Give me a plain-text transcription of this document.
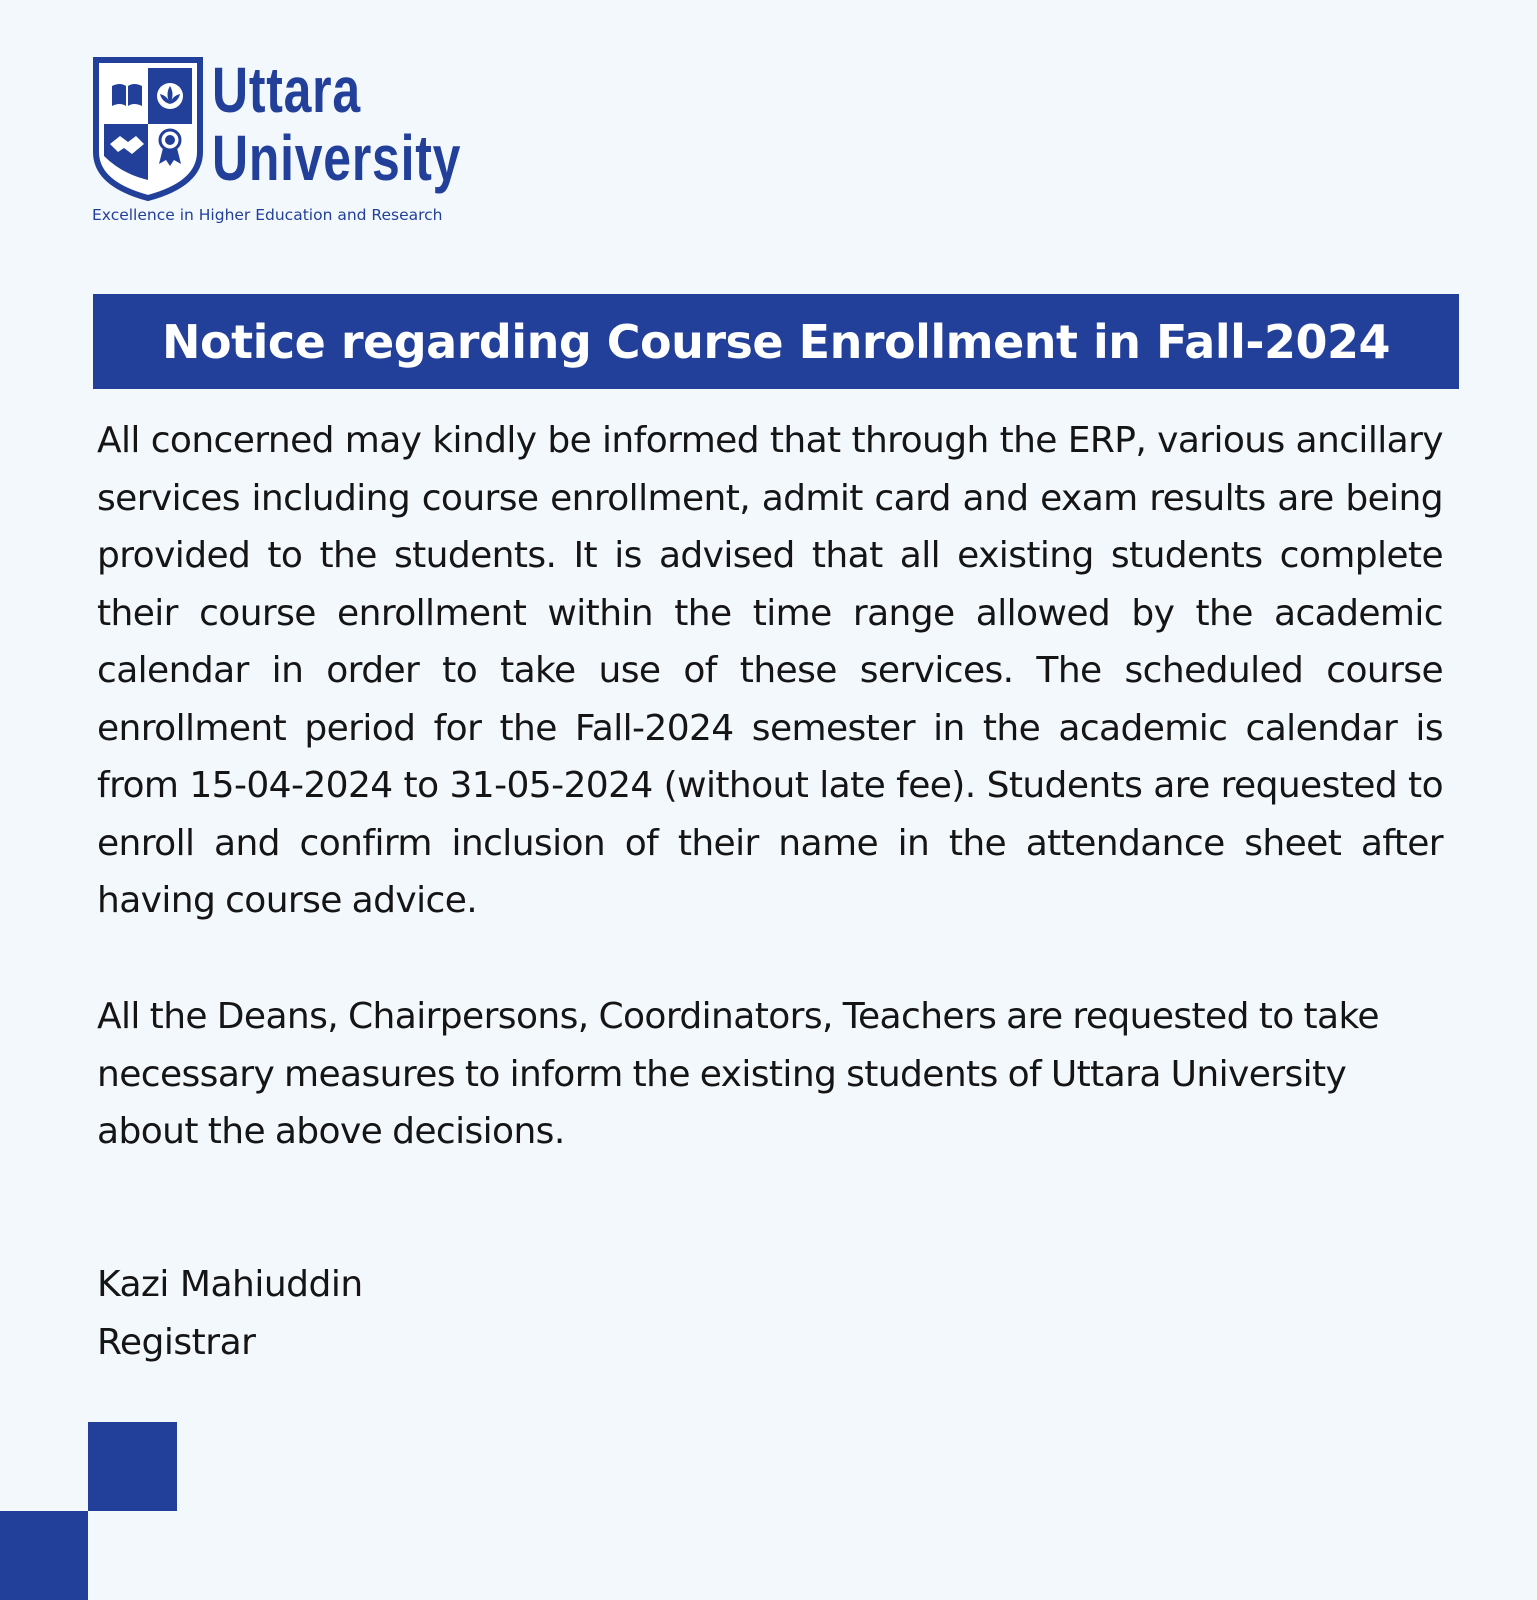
Uttara
University
Excellence in Higher Education and Research
Notice regarding Course Enrollment in Fall-2024

All concerned may kindly be informed that through the ERP, various ancillary services including course enrollment, admit card and exam results are being provided to the students. It is advised that all existing students complete their course enrollment within the time range allowed by the academic calendar in order to take use of these services. The scheduled course enrollment period for the Fall-2024 semester in the academic calendar is from 15-04-2024 to 31-05-2024 (without late fee). Students are requested to enroll and confirm inclusion of their name in the attendance sheet after having course advice.

All the Deans, Chairpersons, Coordinators, Teachers are requested to take necessary measures to inform the existing students of Uttara University about the above decisions.

Kazi Mahiuddin
Registrar
